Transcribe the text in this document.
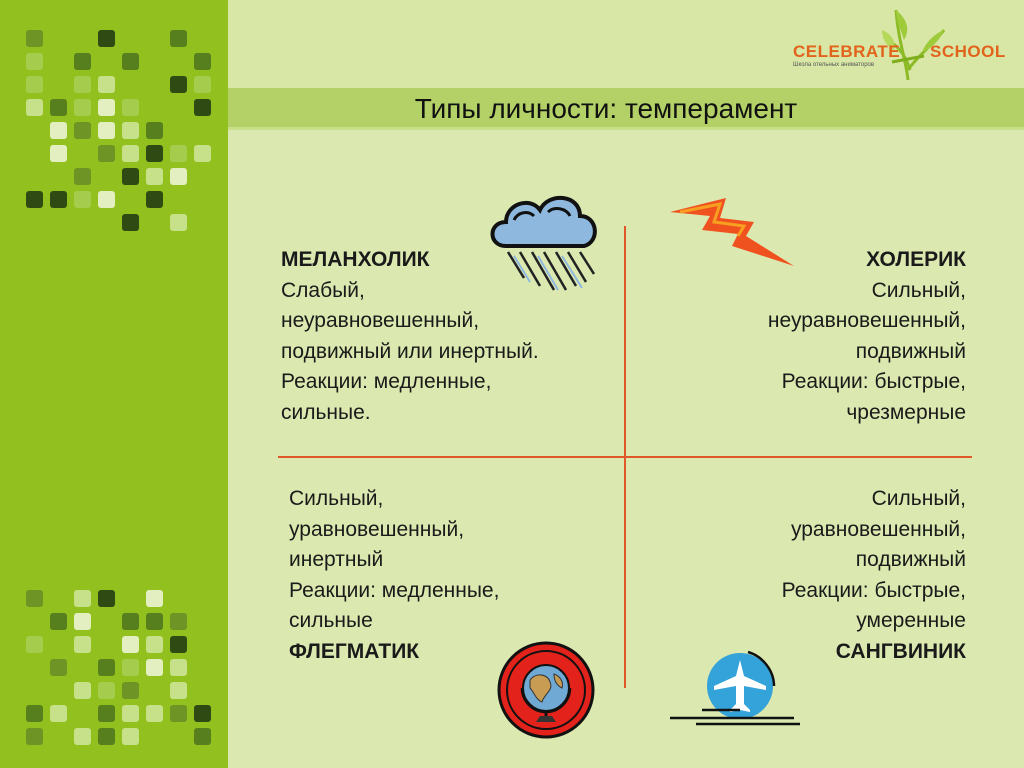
CELEBRATE SCHOOL
Школа отельных аниматоров
Типы личности: темперамент
МЕЛАНХОЛИК
Слабый,
неуравновешенный,
подвижный или инертный.
Реакции: медленные,
сильные.
ХОЛЕРИК
Сильный,
неуравновешенный,
подвижный
Реакции: быстрые,
чрезмерные
Сильный,
уравновешенный,
инертный
Реакции: медленные,
сильные
ФЛЕГМАТИК
Сильный,
уравновешенный,
подвижный
Реакции: быстрые,
умеренные
САНГВИНИК
